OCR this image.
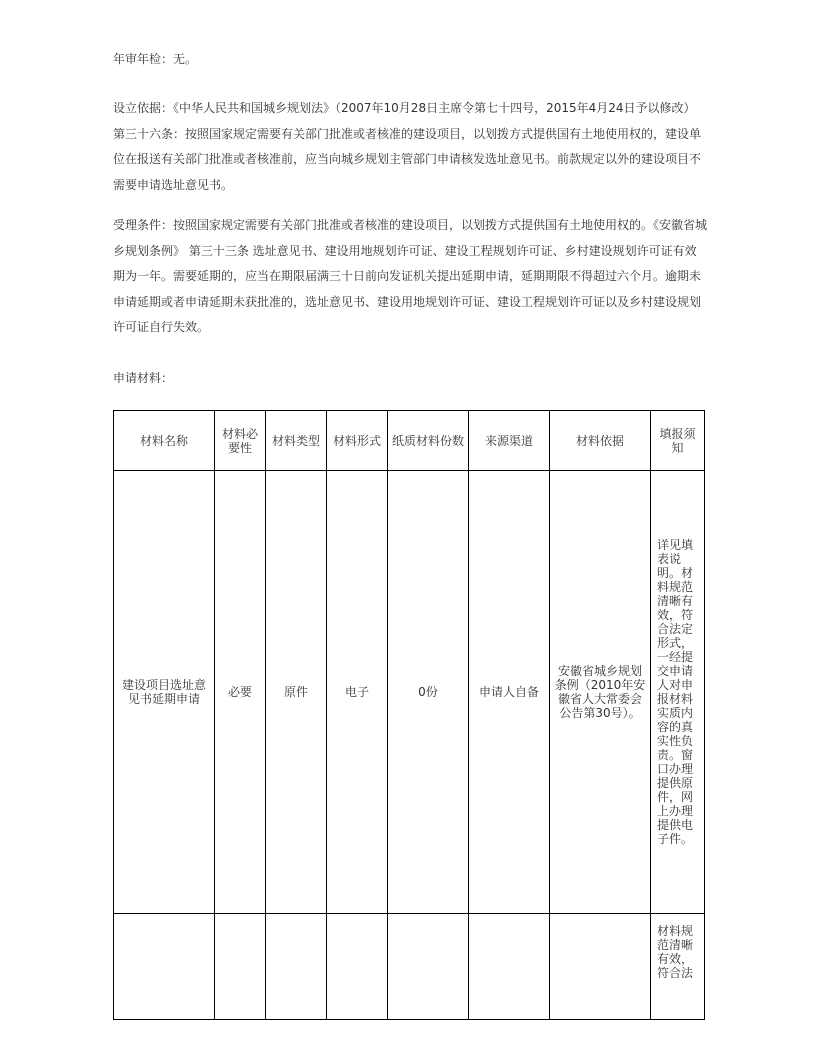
年审年检：无。

设立依据：《中华人民共和国城乡规划法》（2007年10月28日主席令第七十四号，2015年4月24日予以修改）第三十六条：按照国家规定需要有关部门批准或者核准的建设项目，以划拨方式提供国有土地使用权的，建设单位在报送有关部门批准或者核准前，应当向城乡规划主管部门申请核发选址意见书。前款规定以外的建设项目不需要申请选址意见书。

受理条件：按照国家规定需要有关部门批准或者核准的建设项目，以划拨方式提供国有土地使用权的。《安徽省城乡规划条例》 第三十三条 选址意见书、建设用地规划许可证、建设工程规划许可证、乡村建设规划许可证有效期为一年。需要延期的，应当在期限届满三十日前向发证机关提出延期申请，延期期限不得超过六个月。逾期未申请延期或者申请延期未获批准的，选址意见书、建设用地规划许可证、建设工程规划许可证以及乡村建设规划许可证自行失效。

申请材料：

材料名称	材料必要性	材料类型	材料形式	纸质材料份数	来源渠道	材料依据	填报须知
建设项目选址意见书延期申请	必要	原件	电子	0份	申请人自备	安徽省城乡规划条例（2010年安徽省人大常委会公告第30号）。	详见填表说明。材料规范清晰有效，符合法定形式，一经提交申请人对申报材料实质内容的真实性负责。窗口办理提供原件，网上办理提供电子件。
							材料规范清晰有效，符合法
